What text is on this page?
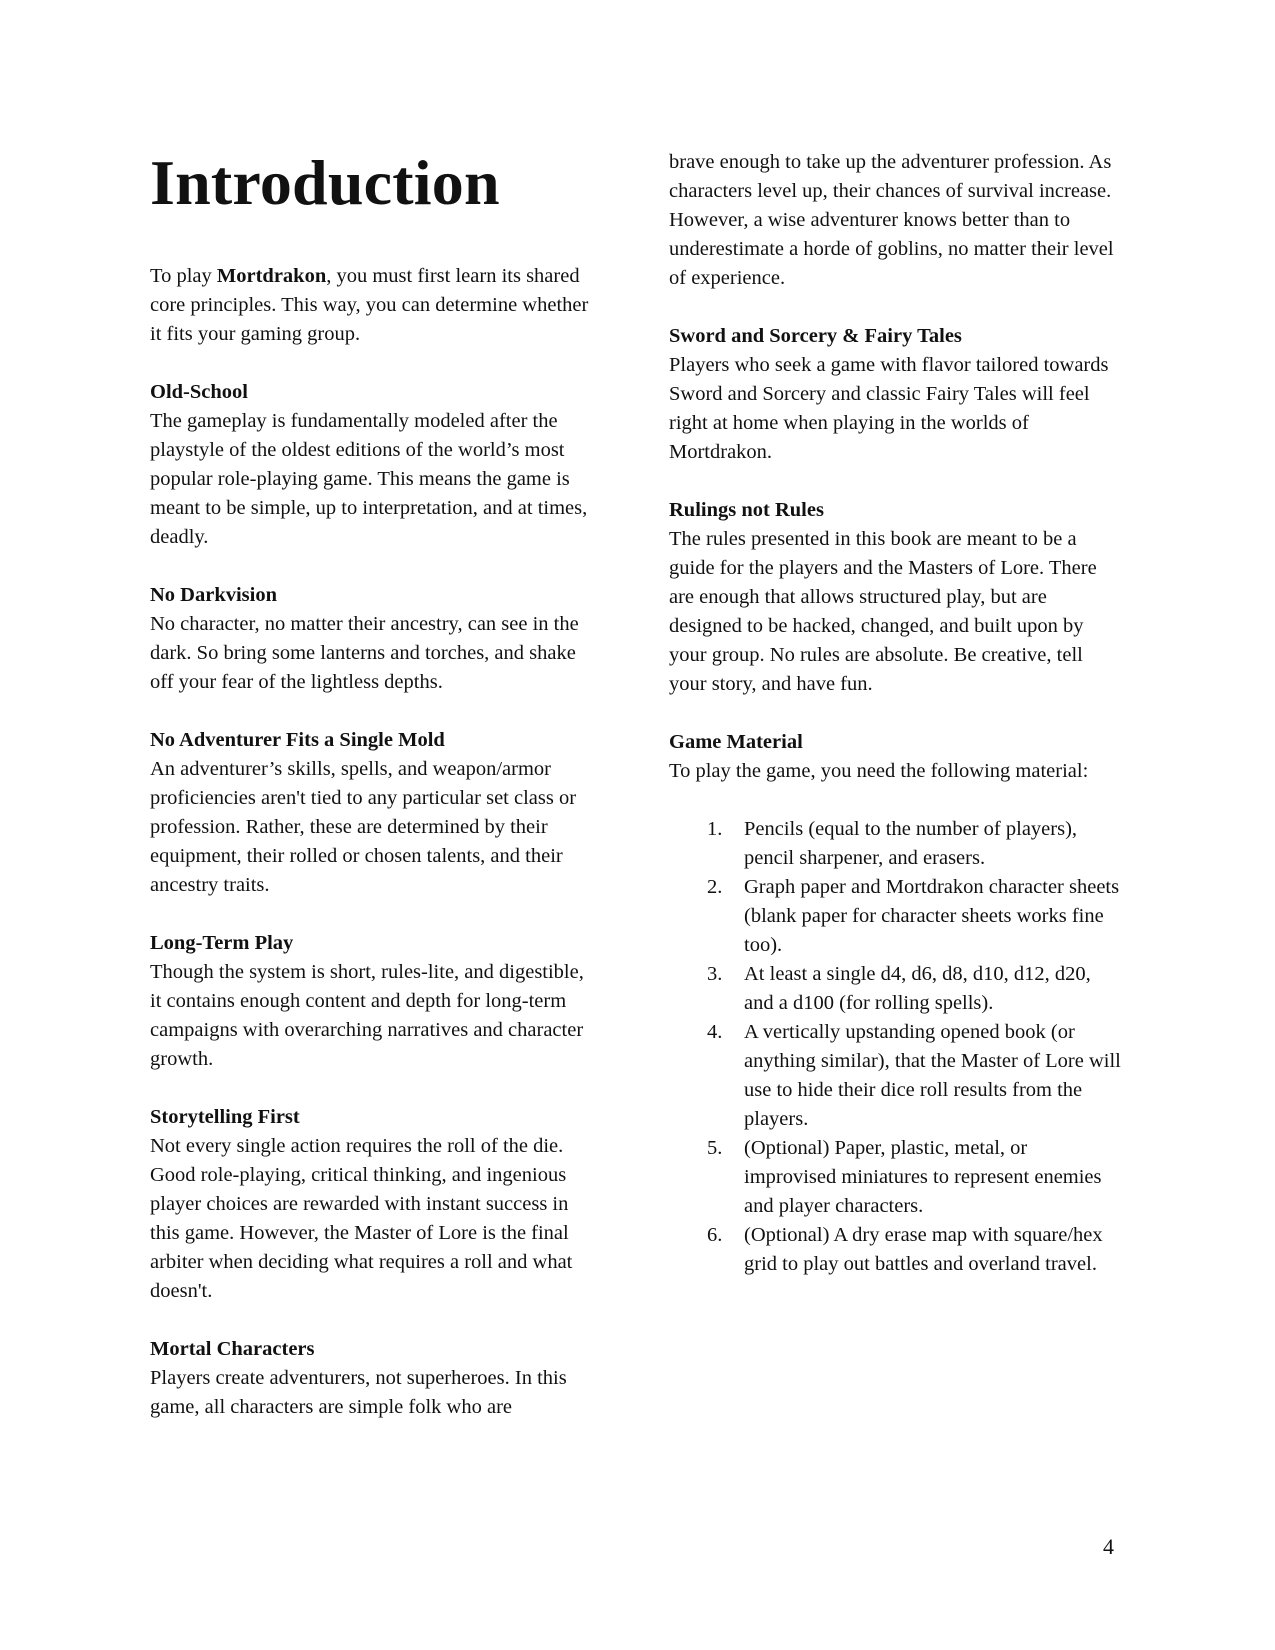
Introduction

To play Mortdrakon, you must first learn its shared core principles. This way, you can determine whether it fits your gaming group.

Old-School
The gameplay is fundamentally modeled after the playstyle of the oldest editions of the world’s most popular role-playing game. This means the game is meant to be simple, up to interpretation, and at times, deadly.
No Darkvision
No character, no matter their ancestry, can see in the dark. So bring some lanterns and torches, and shake off your fear of the lightless depths.
No Adventurer Fits a Single Mold
An adventurer’s skills, spells, and weapon/armor proficiencies aren't tied to any particular set class or profession. Rather, these are determined by their equipment, their rolled or chosen talents, and their ancestry traits.
Long-Term Play
Though the system is short, rules-lite, and digestible, it contains enough content and depth for long-term campaigns with overarching narratives and character growth.
Storytelling First
Not every single action requires the roll of the die. Good role-playing, critical thinking, and ingenious player choices are rewarded with instant success in this game. However, the Master of Lore is the final arbiter when deciding what requires a roll and what doesn't.
Mortal Characters
Players create adventurers, not superheroes. In this game, all characters are simple folk who are

brave enough to take up the adventurer profession. As characters level up, their chances of survival increase. However, a wise adventurer knows better than to underestimate a horde of goblins, no matter their level of experience.

Sword and Sorcery & Fairy Tales
Players who seek a game with flavor tailored towards Sword and Sorcery and classic Fairy Tales will feel right at home when playing in the worlds of Mortdrakon.
Rulings not Rules
The rules presented in this book are meant to be a guide for the players and the Masters of Lore. There are enough that allows structured play, but are designed to be hacked, changed, and built upon by your group. No rules are absolute. Be creative, tell your story, and have fun.
Game Material
To play the game, you need the following material:
1. Pencils (equal to the number of players), pencil sharpener, and erasers.
2. Graph paper and Mortdrakon character sheets (blank paper for character sheets works fine too).
3. At least a single d4, d6, d8, d10, d12, d20, and a d100 (for rolling spells).
4. A vertically upstanding opened book (or anything similar), that the Master of Lore will use to hide their dice roll results from the players.
5. (Optional) Paper, plastic, metal, or improvised miniatures to represent enemies and player characters.
6. (Optional) A dry erase map with square/hex grid to play out battles and overland travel.
4
